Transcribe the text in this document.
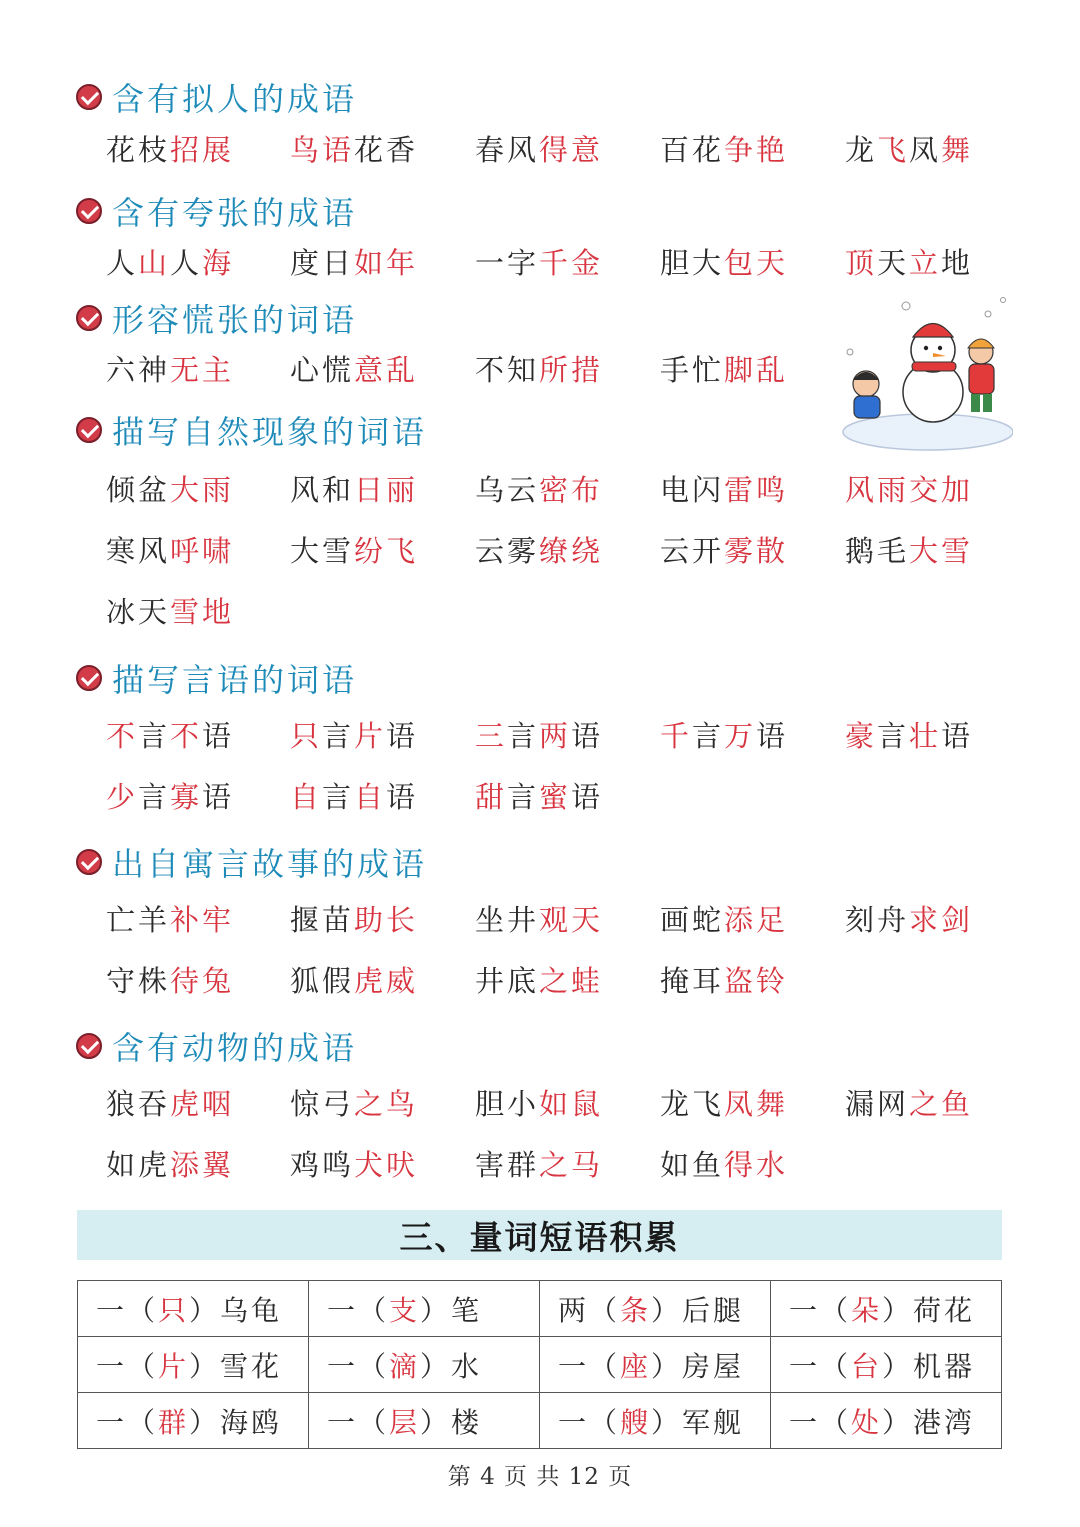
含有拟人的成语
花枝招展 鸟语花香 春风得意 百花争艳 龙飞凤舞
含有夸张的成语
人山人海 度日如年 一字千金 胆大包天 顶天立地
形容慌张的词语
六神无主 心慌意乱 不知所措 手忙脚乱
描写自然现象的词语
倾盆大雨 风和日丽 乌云密布 电闪雷鸣 风雨交加
寒风呼啸 大雪纷飞 云雾缭绕 云开雾散 鹅毛大雪
冰天雪地
描写言语的词语
不言不语 只言片语 三言两语 千言万语 豪言壮语
少言寡语 自言自语 甜言蜜语
出自寓言故事的成语
亡羊补牢 揠苗助长 坐井观天 画蛇添足 刻舟求剑
守株待兔 狐假虎威 井底之蛙 掩耳盗铃
含有动物的成语
狼吞虎咽 惊弓之鸟 胆小如鼠 龙飞凤舞 漏网之鱼
如虎添翼 鸡鸣犬吠 害群之马 如鱼得水
三、量词短语积累
一（只）乌龟	一（支）笔	两（条）后腿	一（朵）荷花
一（片）雪花	一（滴）水	一（座）房屋	一（台）机器
一（群）海鸥	一（层）楼	一（艘）军舰	一（处）港湾
第 4 页 共 12 页
